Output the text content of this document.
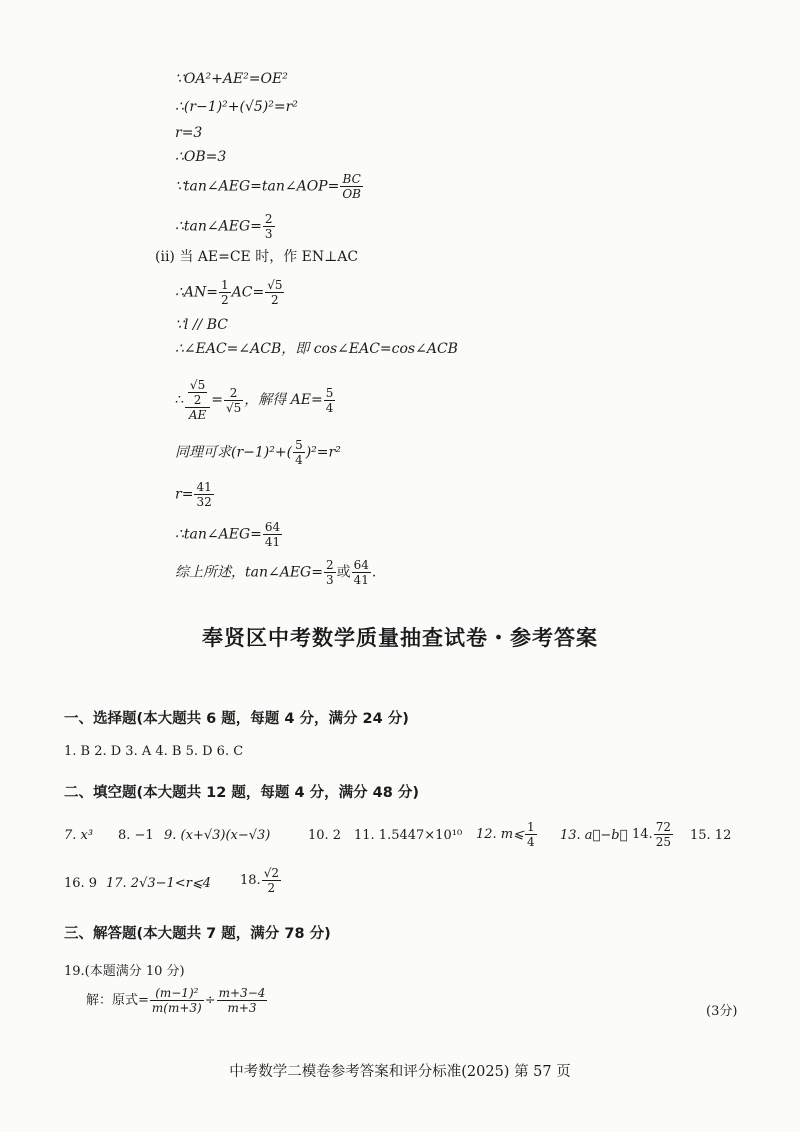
∵OA²+AE²=OE²
∴(r−1)²+(√5)²=r²
r=3
∴OB=3
∵tan∠AEG=tan∠AOP= $\frac{BC}{OB}$
∴tan∠AEG= $\frac{2}{3}$
(ii) 当 AE=CE 时，作 EN⊥AC
∴AN= $\frac{1}{2} AC= \frac{√5}{2}$
∵l // BC
∴∠EAC=∠ACB，即 cos∠EAC=cos∠ACB
∴ $\frac{\frac{√5}{2}}{AE} = \frac{2}{√5}$ ，解得 $AE= \frac{5}{4}$
同理可求$(r-1)^2+( \frac{5}{4} )^2=r^2$
$r= \frac{41}{32}$
∴tan∠AEG= $\frac{64}{41}$
综上所述，tan∠AEG= $\frac{2}{3}$ 或 $\frac{64}{41}$ .
奉贤区中考数学质量抽查试卷・参考答案
一、选择题(本大题共 6 题，每题 4 分，满分 24 分)
1. B 2. D 3. A 4. B 5. D 6. C
二、填空题(本大题共 12 题，每题 4 分，满分 48 分)
7. x³ 8. −1 9. (x+√3)(x−√3)	10. 2 11. 1.5447×10¹⁰ 12. m⩽ $\frac{1}{4} 13$. a⃗−b⃗ 14. $\frac{72}{25} 15$. 12
16. 9 17. 2√3−1<r⩽4 18. $\frac{√2}{2}$
三、解答题(本大题共 7 题，满分 78 分)
19.(本题满分 10 分)
解：原式= $\frac{\text{(m−1)²}}{m(m+3)} \div \frac{m+3-4}{m+3}$	(3分)
中考数学二模卷参考答案和评分标准(2025) 第 57 页
